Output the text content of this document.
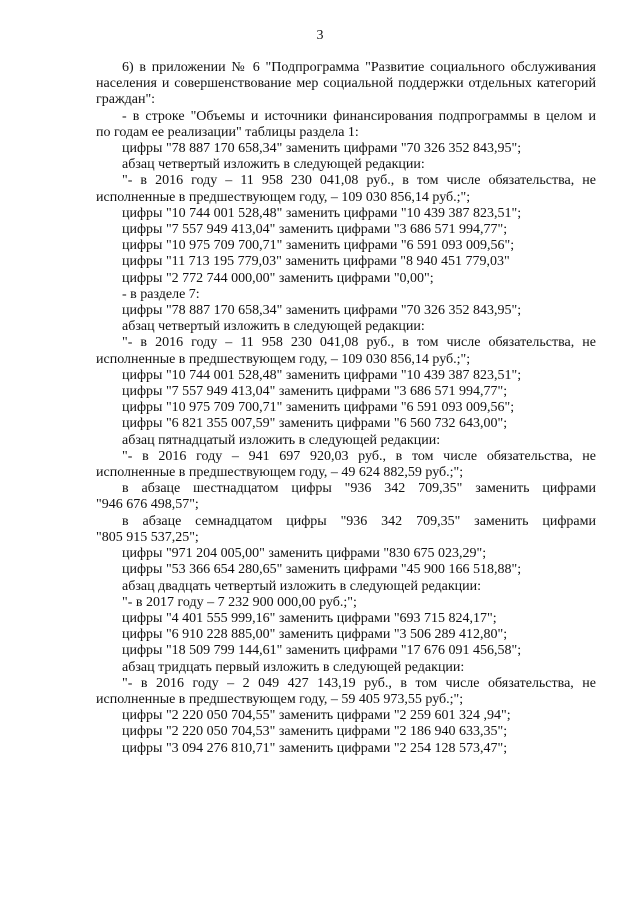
3
6) в приложении № 6 "Подпрограмма "Развитие социального обслуживания
населения и совершенствование мер социальной поддержки отдельных категорий
граждан":
- в строке "Объемы и источники финансирования подпрограммы в целом и
по годам ее реализации" таблицы раздела 1:
цифры "78 887 170 658,34" заменить цифрами "70 326 352 843,95";
абзац четвертый изложить в следующей редакции:
"- в 2016 году – 11 958 230 041,08 руб., в том числе обязательства, не
исполненные в предшествующем году, – 109 030 856,14 руб.;";
цифры "10 744 001 528,48" заменить цифрами "10 439 387 823,51";
цифры "7 557 949 413,04" заменить цифрами "3 686 571 994,77";
цифры "10 975 709 700,71" заменить цифрами "6 591 093 009,56";
цифры "11 713 195 779,03" заменить цифрами "8 940 451 779,03"
цифры "2 772 744 000,00" заменить цифрами "0,00";
- в разделе 7:
цифры "78 887 170 658,34" заменить цифрами "70 326 352 843,95";
абзац четвертый изложить в следующей редакции:
"- в 2016 году – 11 958 230 041,08 руб., в том числе обязательства, не
исполненные в предшествующем году, – 109 030 856,14 руб.;";
цифры "10 744 001 528,48" заменить цифрами "10 439 387 823,51";
цифры "7 557 949 413,04" заменить цифрами "3 686 571 994,77";
цифры "10 975 709 700,71" заменить цифрами "6 591 093 009,56";
цифры "6 821 355 007,59" заменить цифрами "6 560 732 643,00";
абзац пятнадцатый изложить в следующей редакции:
"- в 2016 году – 941 697 920,03 руб., в том числе обязательства, не
исполненные в предшествующем году, – 49 624 882,59 руб.;";
в абзаце шестнадцатом цифры "936 342 709,35" заменить цифрами
"946 676 498,57";
в абзаце семнадцатом цифры "936 342 709,35" заменить цифрами
"805 915 537,25";
цифры "971 204 005,00" заменить цифрами "830 675 023,29";
цифры "53 366 654 280,65" заменить цифрами "45 900 166 518,88";
абзац двадцать четвертый изложить в следующей редакции:
"- в 2017 году – 7 232 900 000,00 руб.;";
цифры "4 401 555 999,16" заменить цифрами "693 715 824,17";
цифры "6 910 228 885,00" заменить цифрами "3 506 289 412,80";
цифры "18 509 799 144,61" заменить цифрами "17 676 091 456,58";
абзац тридцать первый изложить в следующей редакции:
"- в 2016 году – 2 049 427 143,19 руб., в том числе обязательства, не
исполненные в предшествующем году, – 59 405 973,55 руб.;";
цифры "2 220 050 704,55" заменить цифрами "2 259 601 324 ,94";
цифры "2 220 050 704,53" заменить цифрами "2 186 940 633,35";
цифры "3 094 276 810,71" заменить цифрами "2 254 128 573,47";
